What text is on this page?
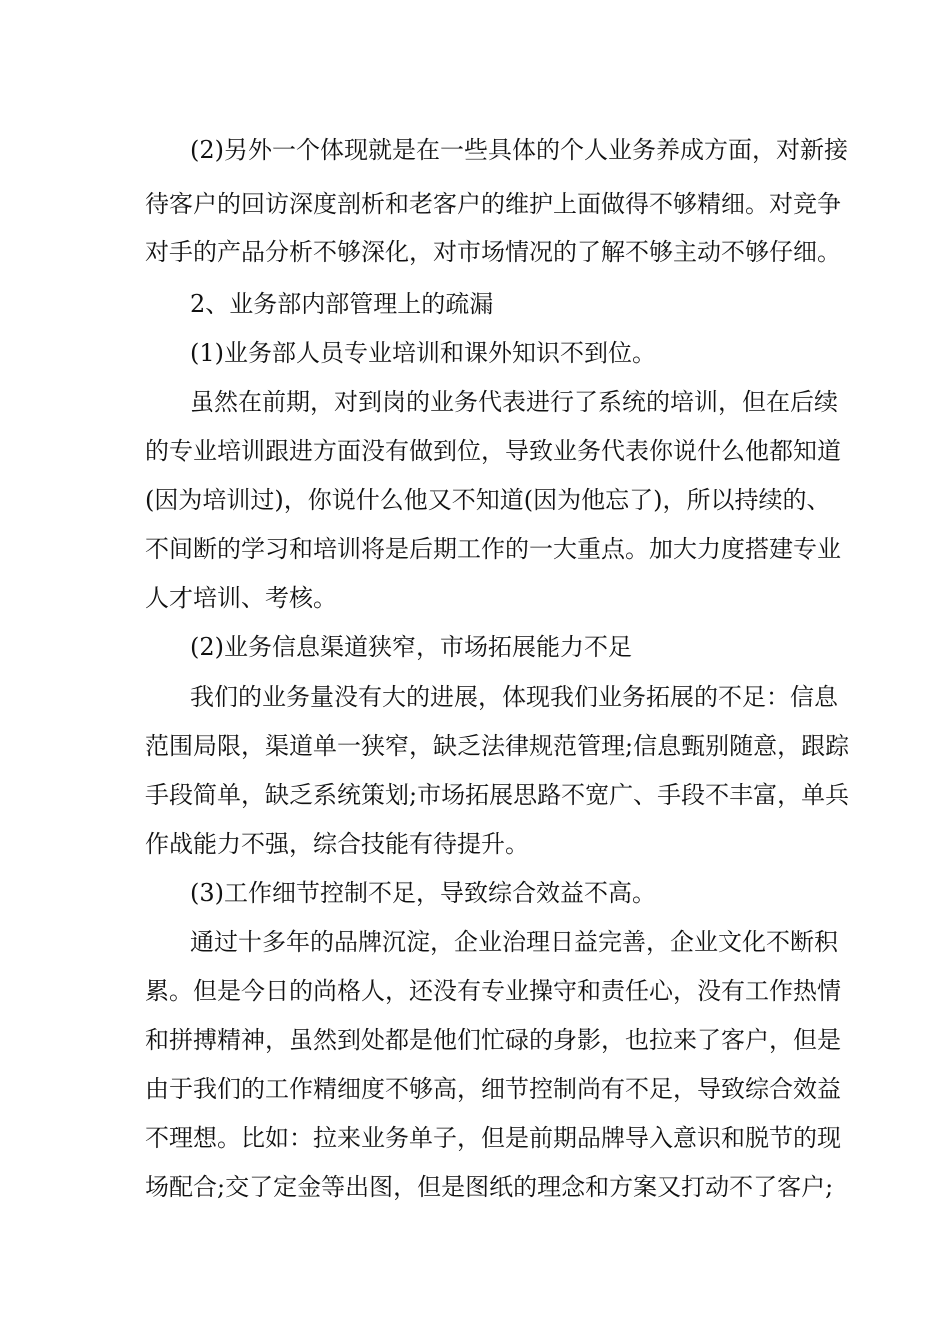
(2)另外一个体现就是在一些具体的个人业务养成方面，对新接
待客户的回访深度剖析和老客户的维护上面做得不够精细。对竞争
对手的产品分析不够深化，对市场情况的了解不够主动不够仔细。
2、业务部内部管理上的疏漏
(1)业务部人员专业培训和课外知识不到位。
虽然在前期，对到岗的业务代表进行了系统的培训，但在后续
的专业培训跟进方面没有做到位，导致业务代表你说什么他都知道
(因为培训过)，你说什么他又不知道(因为他忘了)，所以持续的、
不间断的学习和培训将是后期工作的一大重点。加大力度搭建专业
人才培训、考核。
(2)业务信息渠道狭窄，市场拓展能力不足
我们的业务量没有大的进展，体现我们业务拓展的不足：信息
范围局限，渠道单一狭窄，缺乏法律规范管理;信息甄别随意，跟踪
手段简单，缺乏系统策划;市场拓展思路不宽广、手段不丰富，单兵
作战能力不强，综合技能有待提升。
(3)工作细节控制不足，导致综合效益不高。
通过十多年的品牌沉淀，企业治理日益完善，企业文化不断积
累。但是今日的尚格人，还没有专业操守和责任心，没有工作热情
和拼搏精神，虽然到处都是他们忙碌的身影，也拉来了客户，但是
由于我们的工作精细度不够高，细节控制尚有不足，导致综合效益
不理想。比如：拉来业务单子，但是前期品牌导入意识和脱节的现
场配合;交了定金等出图，但是图纸的理念和方案又打动不了客户;
